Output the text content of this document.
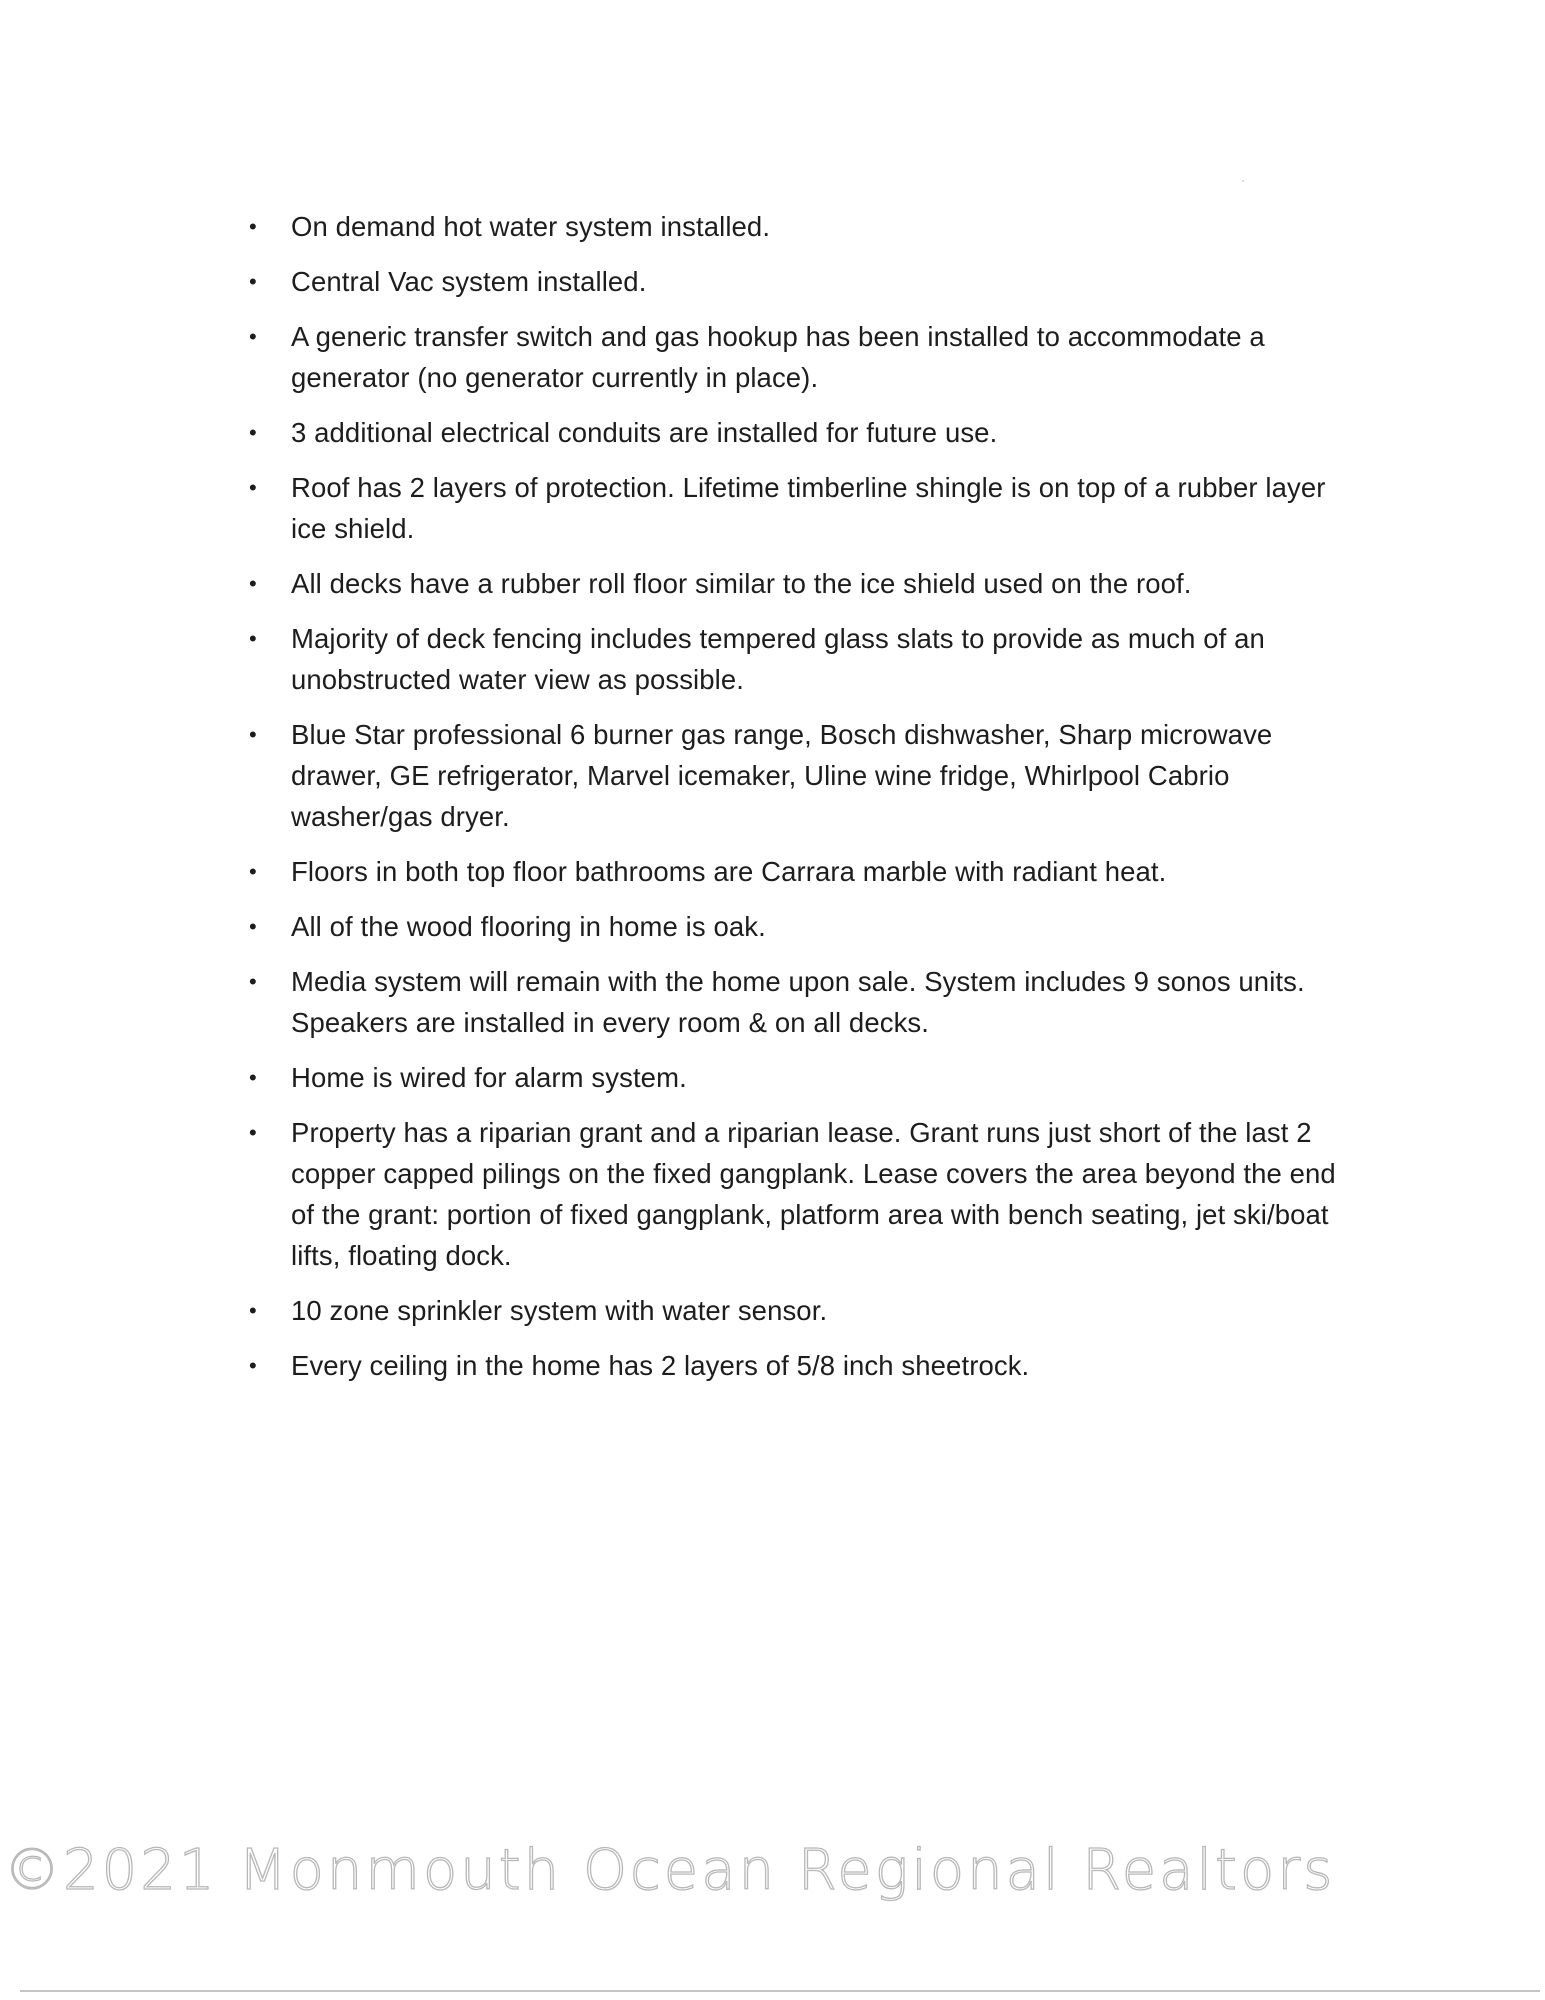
• On demand hot water system installed.
• Central Vac system installed.
• A generic transfer switch and gas hookup has been installed to accommodate a generator (no generator currently in place).
• 3 additional electrical conduits are installed for future use.
• Roof has 2 layers of protection. Lifetime timberline shingle is on top of a rubber layer ice shield.
• All decks have a rubber roll floor similar to the ice shield used on the roof.
• Majority of deck fencing includes tempered glass slats to provide as much of an unobstructed water view as possible.
• Blue Star professional 6 burner gas range, Bosch dishwasher, Sharp microwave drawer, GE refrigerator, Marvel icemaker, Uline wine fridge, Whirlpool Cabrio washer/gas dryer.
• Floors in both top floor bathrooms are Carrara marble with radiant heat.
• All of the wood flooring in home is oak.
• Media system will remain with the home upon sale. System includes 9 sonos units. Speakers are installed in every room & on all decks.
• Home is wired for alarm system.
• Property has a riparian grant and a riparian lease. Grant runs just short of the last 2 copper capped pilings on the fixed gangplank. Lease covers the area beyond the end of the grant: portion of fixed gangplank, platform area with bench seating, jet ski/boat lifts, floating dock.
• 10 zone sprinkler system with water sensor.
• Every ceiling in the home has 2 layers of 5/8 inch sheetrock.
©2021 Monmouth Ocean Regional Realtors
